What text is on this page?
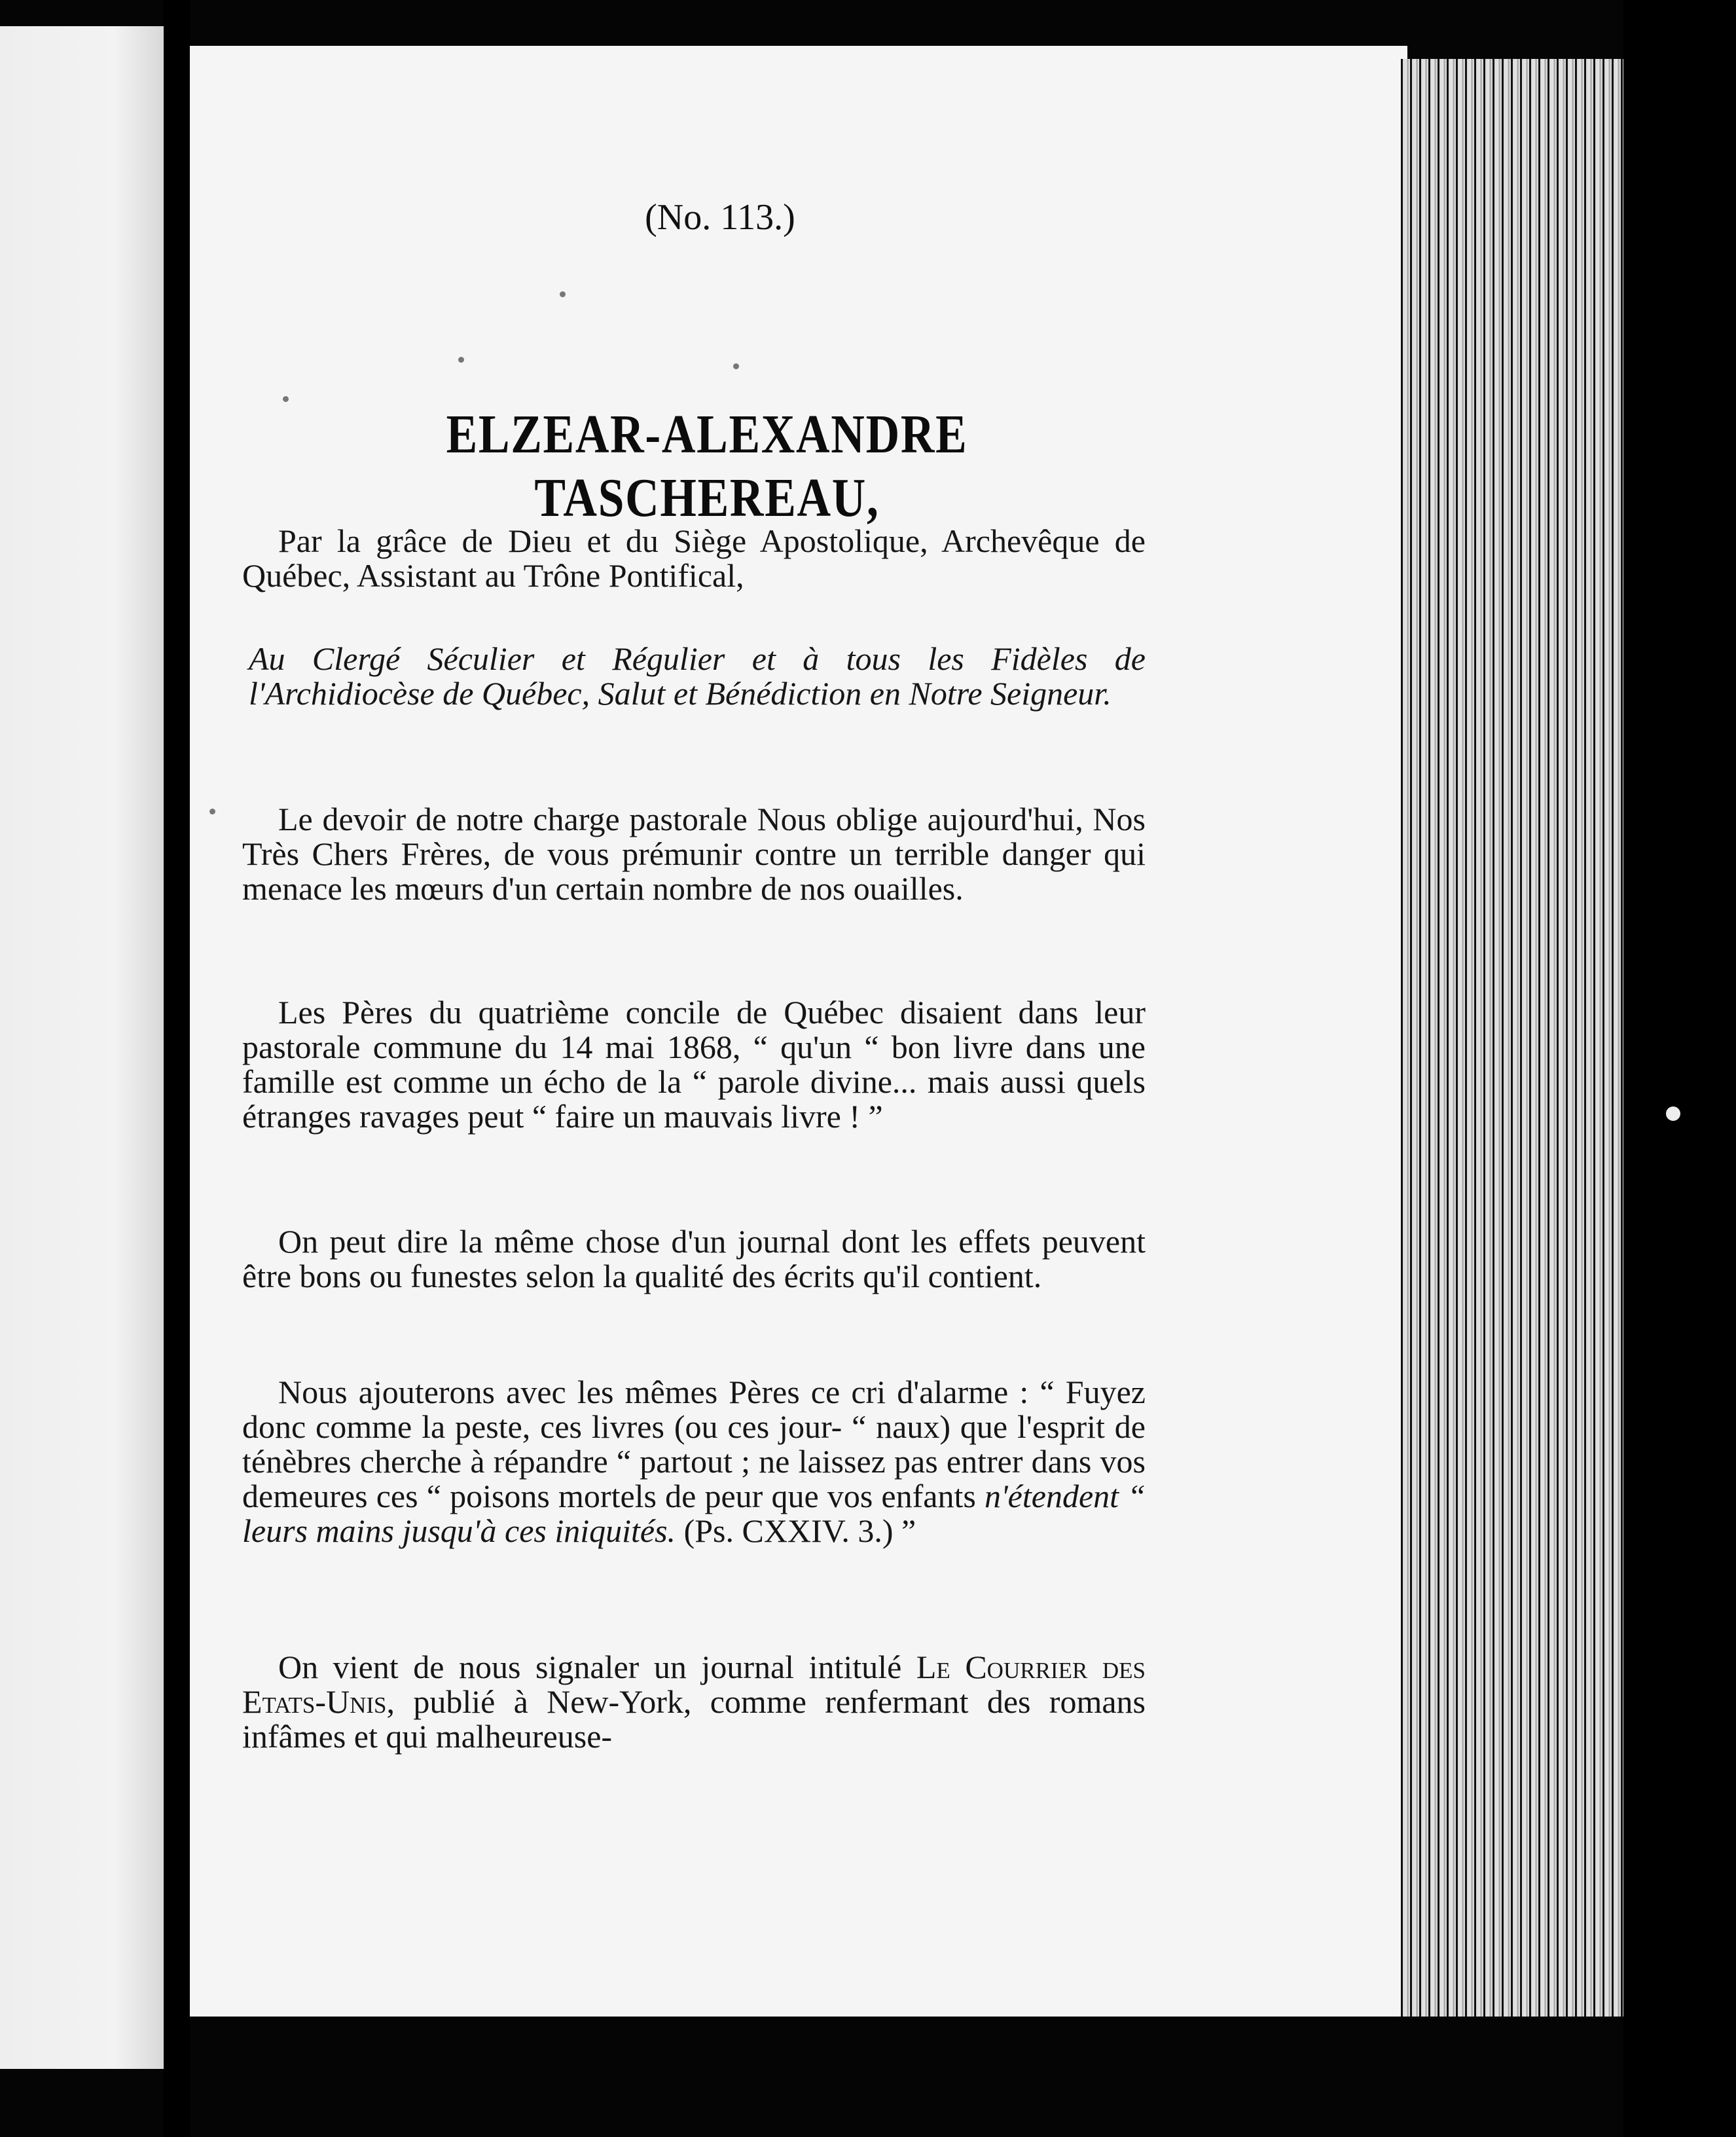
(No. 113.)
ELZEAR-ALEXANDRE TASCHEREAU,

Par la grâce de Dieu et du Siège Apostolique, Archevêque de Québec, Assistant au Trône Pontifical,

Au Clergé Séculier et Régulier et à tous les Fidèles de l'Archidiocèse de Québec, Salut et Bénédiction en Notre Seigneur.

Le devoir de notre charge pastorale Nous oblige aujourd'hui, Nos Très Chers Frères, de vous prémunir contre un terrible danger qui menace les mœurs d'un certain nombre de nos ouailles.

Les Pères du quatrième concile de Québec disaient dans leur pastorale commune du 14 mai 1868, “ qu'un “ bon livre dans une famille est comme un écho de la “ parole divine... mais aussi quels étranges ravages peut “ faire un mauvais livre ! ”

On peut dire la même chose d'un journal dont les effets peuvent être bons ou funestes selon la qualité des écrits qu'il contient.

Nous ajouterons avec les mêmes Pères ce cri d'alarme : “ Fuyez donc comme la peste, ces livres (ou ces jour- “ naux) que l'esprit de ténèbres cherche à répandre “ partout ; ne laissez pas entrer dans vos demeures ces “ poisons mortels de peur que vos enfants n'étendent “ leurs mains jusqu'à ces iniquités. (Ps. CXXIV. 3.) ”

On vient de nous signaler un journal intitulé Le Courrier des Etats-Unis, publié à New-York, comme renfermant des romans infâmes et qui malheureuse-
